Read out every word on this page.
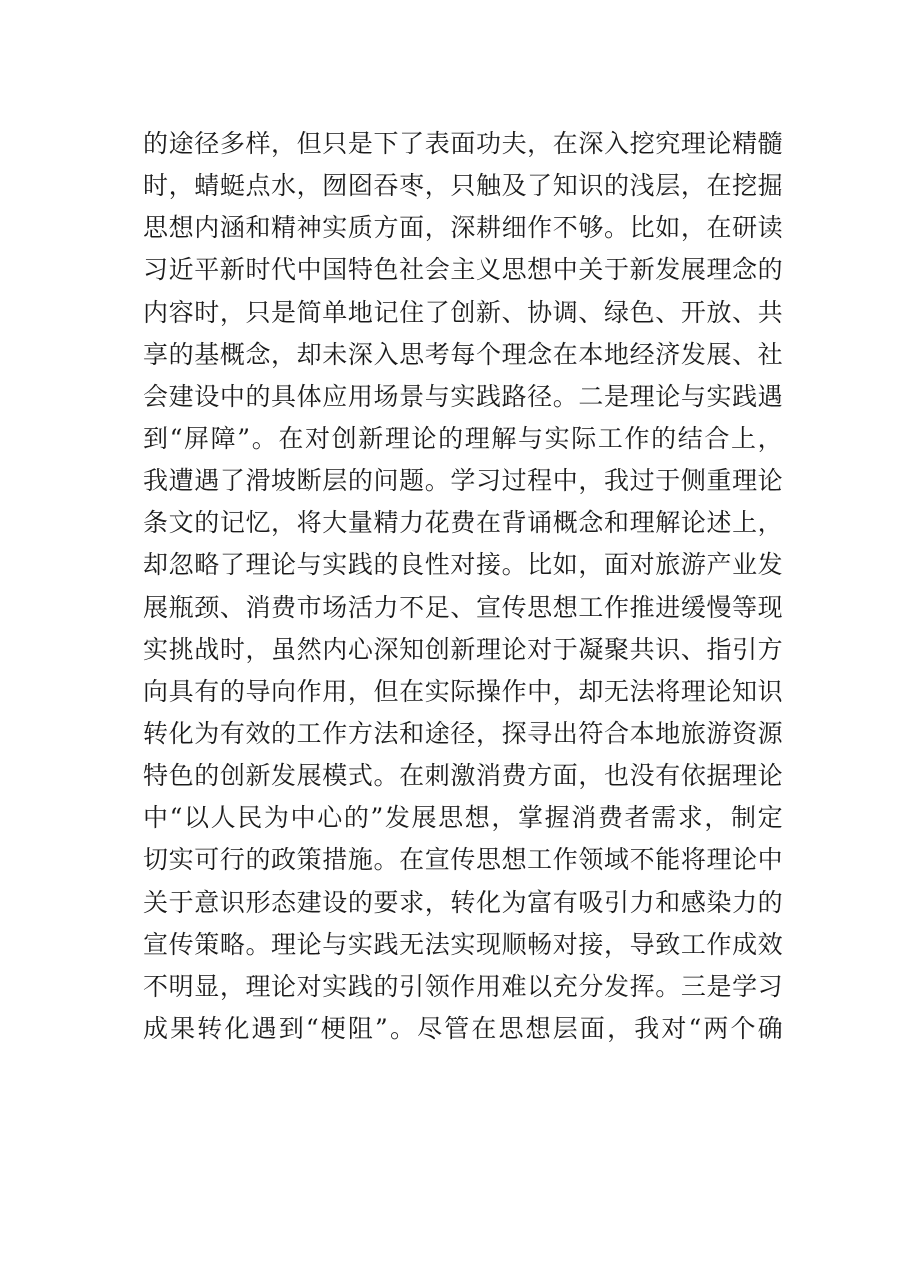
的途径多样，但只是下了表面功夫，在深入挖究理论精髓
时，蜻蜓点水，囫囵吞枣，只触及了知识的浅层，在挖掘
思想内涵和精神实质方面，深耕细作不够。比如，在研读
习近平新时代中国特色社会主义思想中关于新发展理念的
内容时，只是简单地记住了创新、协调、绿色、开放、共
享的基概念，却未深入思考每个理念在本地经济发展、社
会建设中的具体应用场景与实践路径。二是理论与实践遇
到“屏障”。在对创新理论的理解与实际工作的结合上，
我遭遇了滑坡断层的问题。学习过程中，我过于侧重理论
条文的记忆，将大量精力花费在背诵概念和理解论述上，
却忽略了理论与实践的良性对接。比如，面对旅游产业发
展瓶颈、消费市场活力不足、宣传思想工作推进缓慢等现
实挑战时，虽然内心深知创新理论对于凝聚共识、指引方
向具有的导向作用，但在实际操作中，却无法将理论知识
转化为有效的工作方法和途径，探寻出符合本地旅游资源
特色的创新发展模式。在刺激消费方面，也没有依据理论
中“以人民为中心的”发展思想，掌握消费者需求，制定
切实可行的政策措施。在宣传思想工作领域不能将理论中
关于意识形态建设的要求，转化为富有吸引力和感染力的
宣传策略。理论与实践无法实现顺畅对接，导致工作成效
不明显，理论对实践的引领作用难以充分发挥。三是学习
成果转化遇到“梗阻”。尽管在思想层面，我对“两个确
